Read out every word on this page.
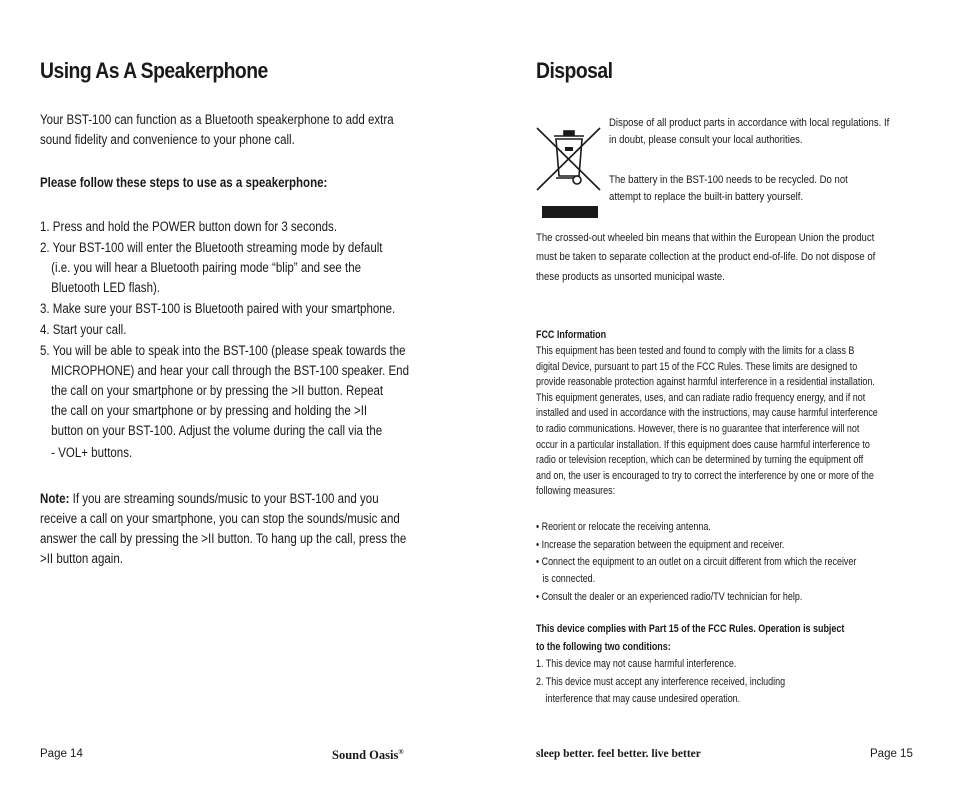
Using As A Speakerphone

Your BST-100 can function as a Bluetooth speakerphone to add extra

sound fidelity and convenience to your phone call.

Please follow these steps to use as a speakerphone:

1. Press and hold the POWER button down for 3 seconds.

2. Your BST-100 will enter the Bluetooth streaming mode by default

(i.e. you will hear a Bluetooth pairing mode “blip” and see the

Bluetooth LED flash).

3. Make sure your BST-100 is Bluetooth paired with your smartphone.

4. Start your call.

5. You will be able to speak into the BST-100 (please speak towards the

MICROPHONE) and hear your call through the BST-100 speaker. End

the call on your smartphone or by pressing the >II button. Repeat

the call on your smartphone or by pressing and holding the >II

button on your BST-100. Adjust the volume during the call via the

- VOL+ buttons.

Note: If you are streaming sounds/music to your BST-100 and you

receive a call on your smartphone, you can stop the sounds/music and

answer the call by pressing the >II button. To hang up the call, press the

>II button again.

Disposal
Dispose of all product parts in accordance with local regulations. If
in doubt, please consult your local authorities.
The battery in the BST-100 needs to be recycled. Do not
attempt to replace the built-in battery yourself.
The crossed-out wheeled bin means that within the European Union the product
must be taken to separate collection at the product end-of-life. Do not dispose of
these products as unsorted municipal waste.
FCC Information
This equipment has been tested and found to comply with the limits for a class B
digital Device, pursuant to part 15 of the FCC Rules. These limits are designed to
provide reasonable protection against harmful interference in a residential installation.
This equipment generates, uses, and can radiate radio frequency energy, and if not
installed and used in accordance with the instructions, may cause harmful interference
to radio communications. However, there is no guarantee that interference will not
occur in a particular installation. If this equipment does cause harmful interference to
radio or television reception, which can be determined by turning the equipment off
and on, the user is encouraged to try to correct the interference by one or more of the
following measures:
• Reorient or relocate the receiving antenna.
• Increase the separation between the equipment and receiver.
• Connect the equipment to an outlet on a circuit different from which the receiver
is connected.
• Consult the dealer or an experienced radio/TV technician for help.
This device complies with Part 15 of the FCC Rules. Operation is subject
to the following two conditions:
1. This device may not cause harmful interference.
2. This device must accept any interference received, including
interference that may cause undesired operation.
Page 14	Sound Oasis®	sleep better. feel better. live better	Page 15
